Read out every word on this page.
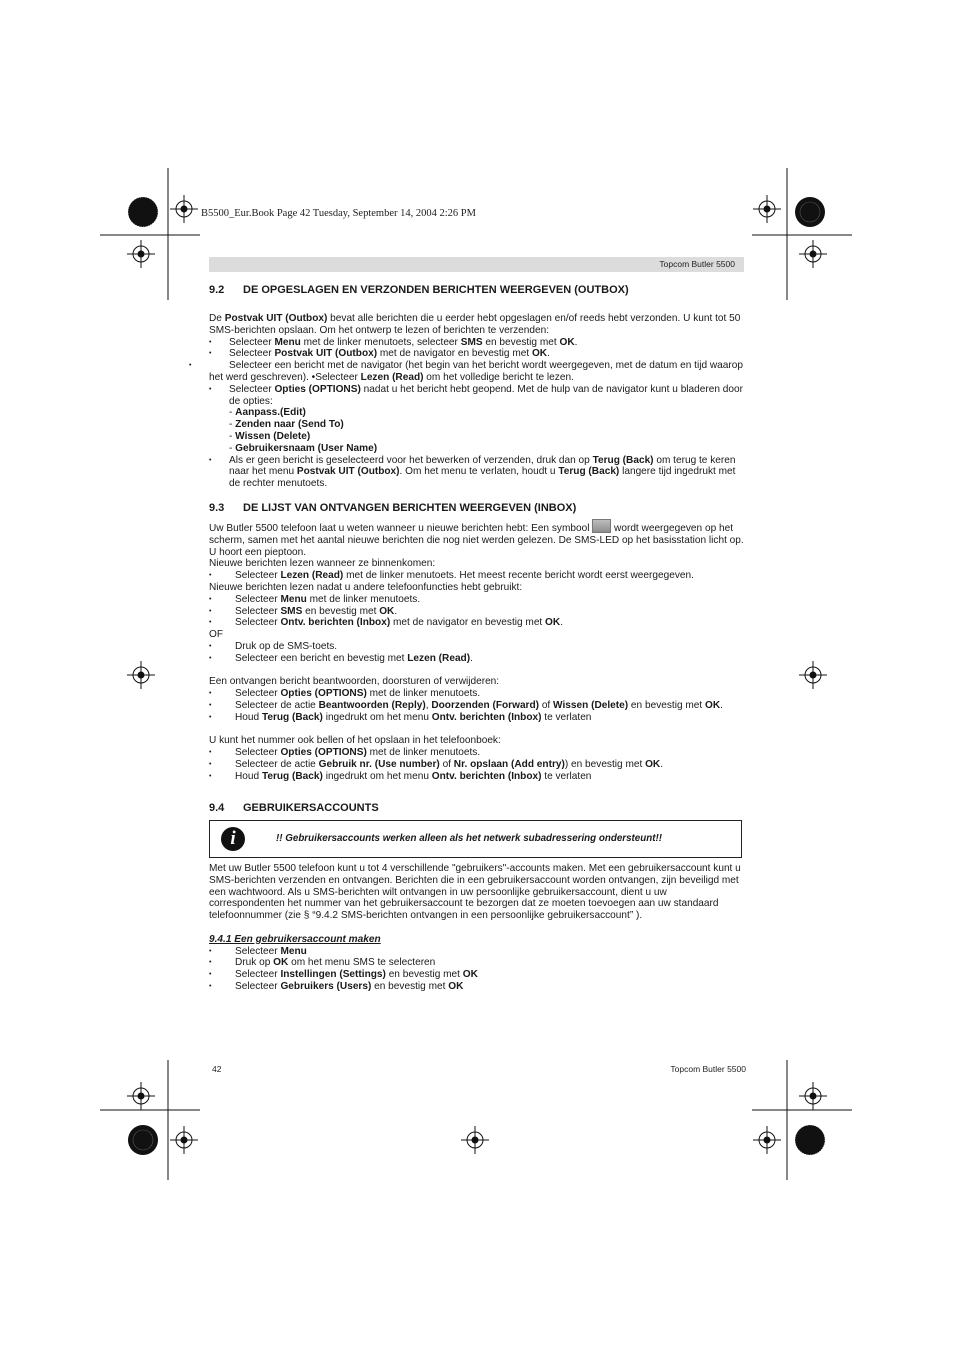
B5500_Eur.Book Page 42 Tuesday, September 14, 2004 2:26 PM
Topcom Butler 5500
9.2 DE OPGESLAGEN EN VERZONDEN BERICHTEN WEERGEVEN (OUTBOX)

De Postvak UIT (Outbox) bevat alle berichten die u eerder hebt opgeslagen en/of reeds hebt verzonden. U kunt tot 50 SMS-berichten opslaan. Om het ontwerp te lezen of berichten te verzenden:

• Selecteer Menu met de linker menutoets, selecteer SMS en bevestig met OK.

• Selecteer Postvak UIT (Outbox) met de navigator en bevestig met OK.

•	Selecteer een bericht met de navigator (het begin van het bericht wordt weergegeven, met de datum en tijd waarop het werd geschreven). •Selecteer Lezen (Read) om het volledige bericht te lezen.

• Selecteer Opties (OPTIONS) nadat u het bericht hebt geopend. Met de hulp van de navigator kunt u bladeren door de opties:

- Aanpass.(Edit)

- Zenden naar (Send To)

- Wissen (Delete)

- Gebruikersnaam (User Name)

• Als er geen bericht is geselecteerd voor het bewerken of verzenden, druk dan op Terug (Back) om terug te keren naar het menu Postvak UIT (Outbox). Om het menu te verlaten, houdt u Terug (Back) langere tijd ingedrukt met de rechter menutoets.

9.3 DE LIJST VAN ONTVANGEN BERICHTEN WEERGEVEN (INBOX)

Uw Butler 5500 telefoon laat u weten wanneer u nieuwe berichten hebt: Een symbool  wordt weergegeven op het scherm, samen met het aantal nieuwe berichten die nog niet werden gelezen. De SMS-LED op het basisstation licht op. U hoort een pieptoon.

Nieuwe berichten lezen wanneer ze binnenkomen:

• Selecteer Lezen (Read) met de linker menutoets. Het meest recente bericht wordt eerst weergegeven.

Nieuwe berichten lezen nadat u andere telefoonfuncties hebt gebruikt:

• Selecteer Menu met de linker menutoets.

• Selecteer SMS en bevestig met OK.

• Selecteer Ontv. berichten (Inbox) met de navigator en bevestig met OK.

OF

• Druk op de SMS-toets.

• Selecteer een bericht en bevestig met Lezen (Read).

Een ontvangen bericht beantwoorden, doorsturen of verwijderen:

• Selecteer Opties (OPTIONS) met de linker menutoets.

• Selecteer de actie Beantwoorden (Reply), Doorzenden (Forward) of Wissen (Delete) en bevestig met OK.

• Houd Terug (Back) ingedrukt om het menu Ontv. berichten (Inbox) te verlaten

U kunt het nummer ook bellen of het opslaan in het telefoonboek:

• Selecteer Opties (OPTIONS) met de linker menutoets.

• Selecteer de actie Gebruik nr. (Use number) of Nr. opslaan (Add entry)) en bevestig met OK.

• Houd Terug (Back) ingedrukt om het menu Ontv. berichten (Inbox) te verlaten

9.4 GEBRUIKERSACCOUNTS
i	!! Gebruikersaccounts werken alleen als het netwerk subadressering ondersteunt!!

Met uw Butler 5500 telefoon kunt u tot 4 verschillende "gebruikers"-accounts maken. Met een gebruikersaccount kunt u SMS-berichten verzenden en ontvangen. Berichten die in een gebruikersaccount worden ontvangen, zijn beveiligd met een wachtwoord. Als u SMS-berichten wilt ontvangen in uw persoonlijke gebruikersaccount, dient u uw correspondenten het nummer van het gebruikersaccount te bezorgen dat ze moeten toevoegen aan uw standaard telefoonnummer (zie § “9.4.2 SMS-berichten ontvangen in een persoonlijke gebruikersaccount” ).

9.4.1 Een gebruikersaccount maken

• Selecteer Menu

• Druk op OK om het menu SMS te selecteren

• Selecteer Instellingen (Settings) en bevestig met OK

• Selecteer Gebruikers (Users) en bevestig met OK

42	Topcom Butler 5500
